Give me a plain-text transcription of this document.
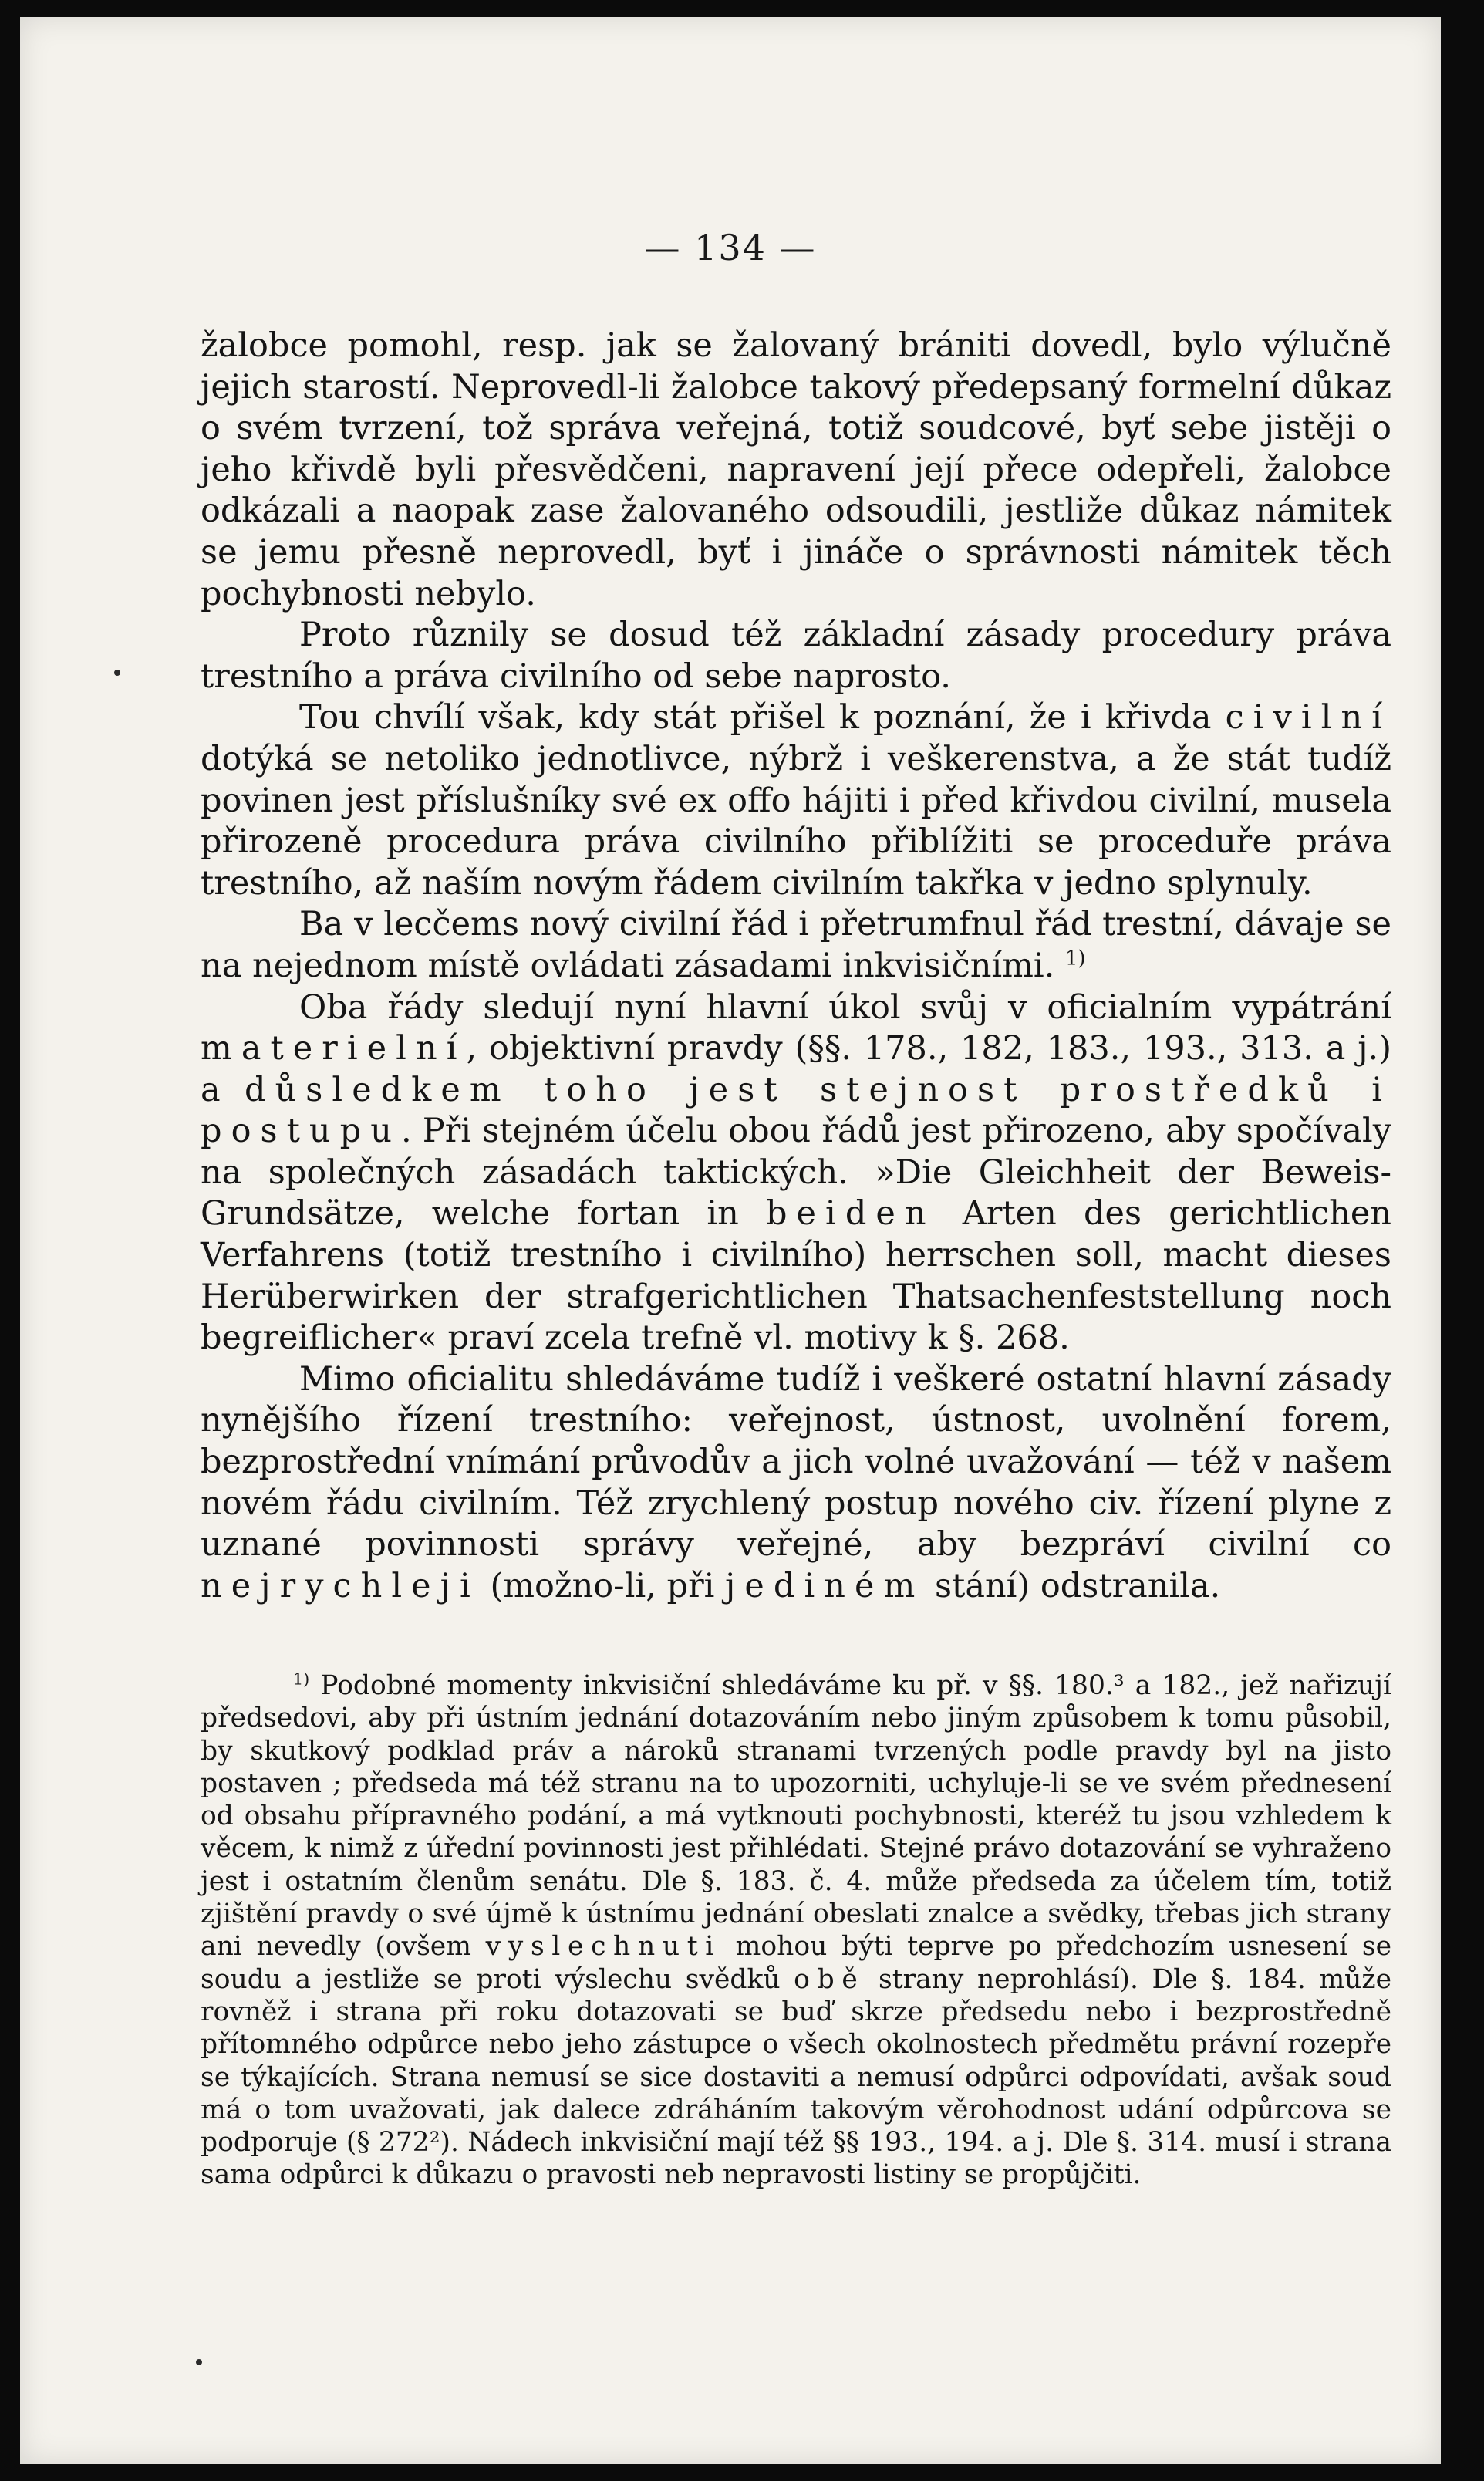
— 134 —

žalobce pomohl, resp. jak se žalovaný brániti dovedl, bylo výlučně jejich starostí. Neprovedl-li žalobce takový předepsaný formelní důkaz o svém tvrzení, tož správa veřejná, totiž soudcové, byť sebe jistěji o jeho křivdě byli přesvědčeni, napravení její přece odepřeli, žalobce odkázali a naopak zase žalovaného odsoudili, jestliže důkaz námitek se jemu přesně neprovedl, byť i jináče o správnosti námitek těch pochybnosti nebylo.

Proto různily se dosud též základní zásady procedury práva trestního a práva civilního od sebe naprosto.

Tou chvílí však, kdy stát přišel k poznání, že i křivda civilní dotýká se netoliko jednotlivce, nýbrž i veškerenstva, a že stát tudíž povinen jest příslušníky své ex offo hájiti i před křivdou civilní, musela přirozeně procedura práva civilního přiblížiti se proceduře práva trestního, až naším novým řádem civilním takřka v jedno splynuly.

Ba v lecčems nový civilní řád i přetrumfnul řád trestní, dávaje se na nejednom místě ovládati zásadami inkvisičními. $^{1)}$

Oba řády sledují nyní hlavní úkol svůj v oficialním vypátrání materielní, objektivní pravdy (§§. 178., 182, 183., 193., 313. a j.) a důsledkem toho jest stejnost prostředků i postupu. Při stejném účelu obou řádů jest přirozeno, aby spočívaly na společných zásadách taktických. »Die Gleichheit der Beweis-Grundsätze, welche fortan in beiden Arten des gerichtlichen Verfahrens (totiž trestního i civilního) herrschen soll, macht dieses Herüberwirken der strafgerichtlichen Thatsachenfeststellung noch begreiflicher« praví zcela trefně vl. motivy k §. 268.

Mimo oficialitu shledáváme tudíž i veškeré ostatní hlavní zásady nynějšího řízení trestního: veřejnost, ústnost, uvolnění forem, bezprostřední vnímání průvodův a jich volné uvažování — též v našem novém řádu civilním. Též zrychlený postup nového civ. řízení plyne z uznané povinnosti správy veřejné, aby bezpráví civilní co nejrychleji (možno-li, při jediném stání) odstranila.

$^{1)}$ Podobné momenty inkvisiční shledáváme ku př. v §§. 180.³ a 182., jež nařizují předsedovi, aby při ústním jednání dotazováním nebo jiným způsobem k tomu působil, by skutkový podklad práv a nároků stranami tvrzených podle pravdy byl na jisto postaven ; předseda má též stranu na to upozorniti, uchyluje-li se ve svém přednesení od obsahu přípravného podání, a má vytknouti pochybnosti, kteréž tu jsou vzhledem k věcem, k nimž z úřední povinnosti jest přihlédati. Stejné právo dotazování se vyhraženo jest i ostatním členům senátu. Dle §. 183. č. 4. může předseda za účelem tím, totiž zjištění pravdy o své újmě k ústnímu jednání obeslati znalce a svědky, třebas jich strany ani nevedly (ovšem vyslechnuti mohou býti teprve po předchozím usnesení se soudu a jestliže se proti výslechu svědků obě strany neprohlásí). Dle §. 184. může rovněž i strana při roku dotazovati se buď skrze předsedu nebo i bezprostředně přítomného odpůrce nebo jeho zástupce o všech okolnostech předmětu právní rozepře se týkajících. Strana nemusí se sice dostaviti a nemusí odpůrci odpovídati, avšak soud má o tom uvažovati, jak dalece zdráháním takovým věrohodnost udání odpůrcova se podporuje (§ 272²). Nádech inkvisiční mají též §§ 193., 194. a j. Dle §. 314. musí i strana sama odpůrci k důkazu o pravosti neb nepravosti listiny se propůjčiti.
